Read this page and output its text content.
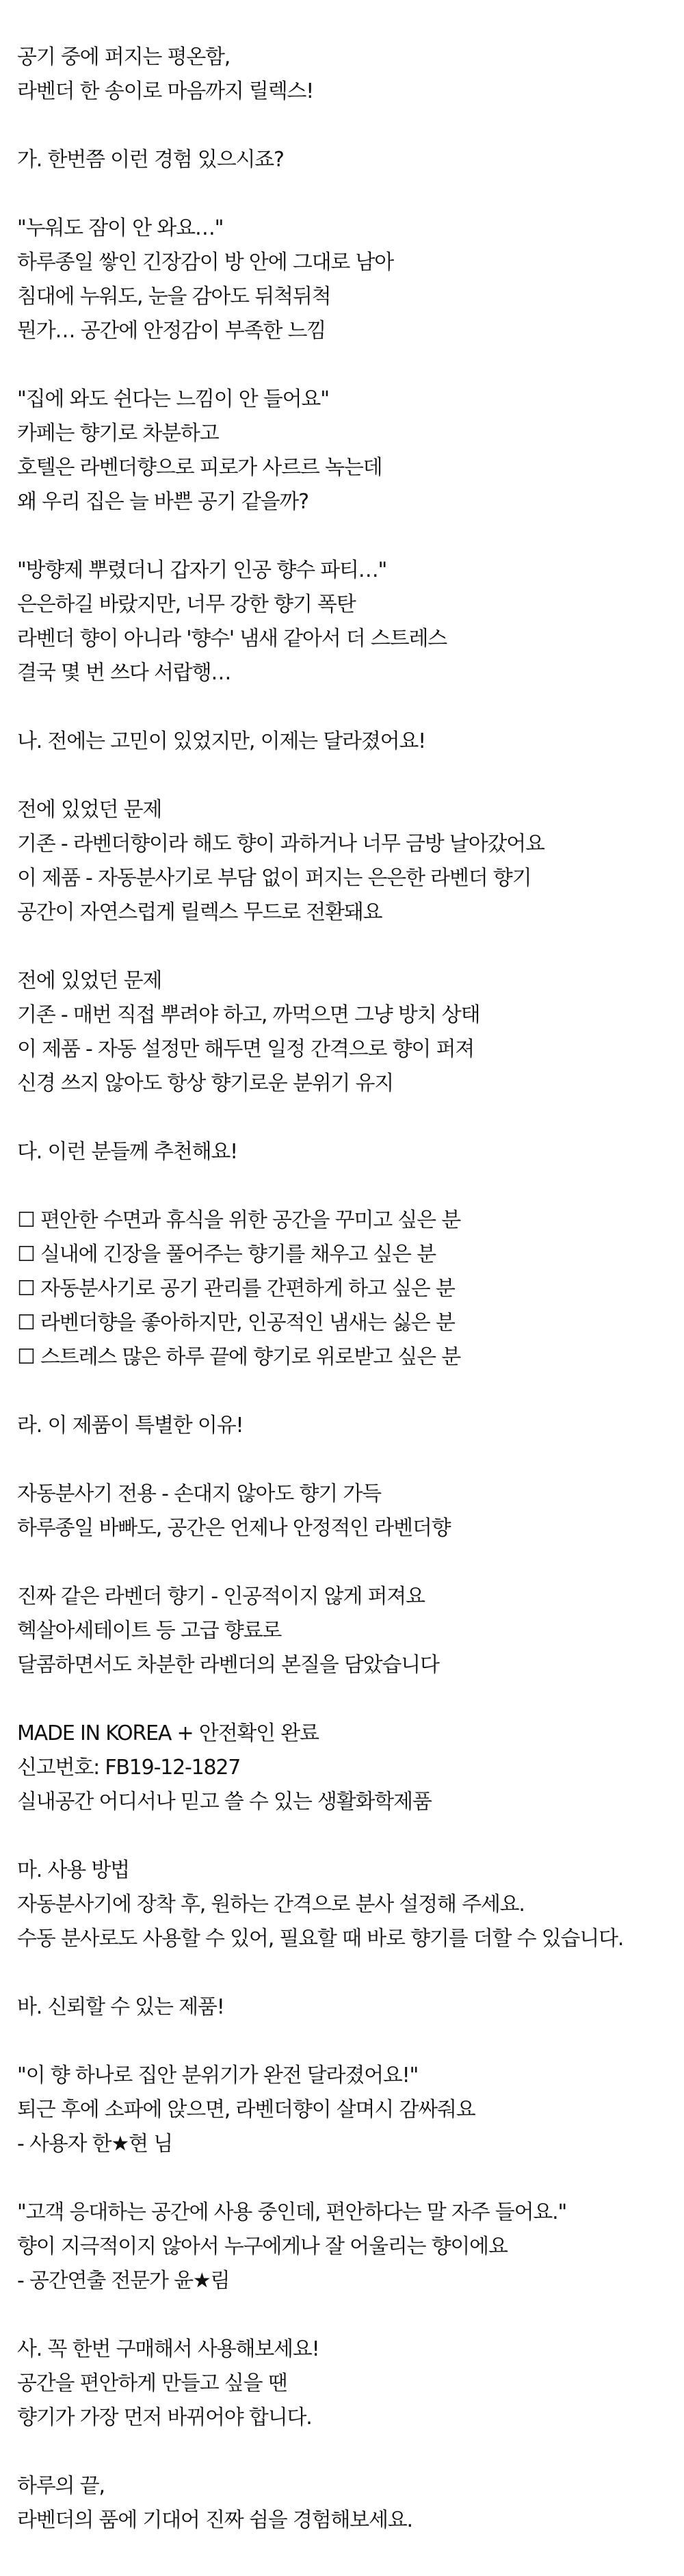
공기 중에 퍼지는 평온함,

라벤더 한 송이로 마음까지 릴렉스!

가. 한번쯤 이런 경험 있으시죠?

"누워도 잠이 안 와요…"

하루종일 쌓인 긴장감이 방 안에 그대로 남아

침대에 누워도, 눈을 감아도 뒤척뒤척

뭔가… 공간에 안정감이 부족한 느낌

"집에 와도 쉰다는 느낌이 안 들어요"

카페는 향기로 차분하고

호텔은 라벤더향으로 피로가 사르르 녹는데

왜 우리 집은 늘 바쁜 공기 같을까?

"방향제 뿌렸더니 갑자기 인공 향수 파티…"

은은하길 바랐지만, 너무 강한 향기 폭탄

라벤더 향이 아니라 '향수' 냄새 같아서 더 스트레스

결국 몇 번 쓰다 서랍행…

나. 전에는 고민이 있었지만, 이제는 달라졌어요!

전에 있었던 문제

기존 - 라벤더향이라 해도 향이 과하거나 너무 금방 날아갔어요

이 제품 - 자동분사기로 부담 없이 퍼지는 은은한 라벤더 향기

공간이 자연스럽게 릴렉스 무드로 전환돼요

전에 있었던 문제

기존 - 매번 직접 뿌려야 하고, 까먹으면 그냥 방치 상태

이 제품 - 자동 설정만 해두면 일정 간격으로 향이 퍼져

신경 쓰지 않아도 항상 향기로운 분위기 유지

다. 이런 분들께 추천해요!

☐ 편안한 수면과 휴식을 위한 공간을 꾸미고 싶은 분

☐ 실내에 긴장을 풀어주는 향기를 채우고 싶은 분

☐ 자동분사기로 공기 관리를 간편하게 하고 싶은 분

☐ 라벤더향을 좋아하지만, 인공적인 냄새는 싫은 분

☐ 스트레스 많은 하루 끝에 향기로 위로받고 싶은 분

라. 이 제품이 특별한 이유!

자동분사기 전용 - 손대지 않아도 향기 가득

하루종일 바빠도, 공간은 언제나 안정적인 라벤더향

진짜 같은 라벤더 향기 - 인공적이지 않게 퍼져요

헥살아세테이트 등 고급 향료로

달콤하면서도 차분한 라벤더의 본질을 담았습니다

MADE IN KOREA + 안전확인 완료

신고번호: FB19-12-1827

실내공간 어디서나 믿고 쓸 수 있는 생활화학제품

마. 사용 방법

자동분사기에 장착 후, 원하는 간격으로 분사 설정해 주세요.

수동 분사로도 사용할 수 있어, 필요할 때 바로 향기를 더할 수 있습니다.

바. 신뢰할 수 있는 제품!

"이 향 하나로 집안 분위기가 완전 달라졌어요!"

퇴근 후에 소파에 앉으면, 라벤더향이 살며시 감싸줘요

- 사용자 한★현 님

"고객 응대하는 공간에 사용 중인데, 편안하다는 말 자주 들어요."

향이 지극적이지 않아서 누구에게나 잘 어울리는 향이에요

- 공간연출 전문가 윤★림

사. 꼭 한번 구매해서 사용해보세요!

공간을 편안하게 만들고 싶을 땐

향기가 가장 먼저 바뀌어야 합니다.

하루의 끝,

라벤더의 품에 기대어 진짜 쉼을 경험해보세요.
